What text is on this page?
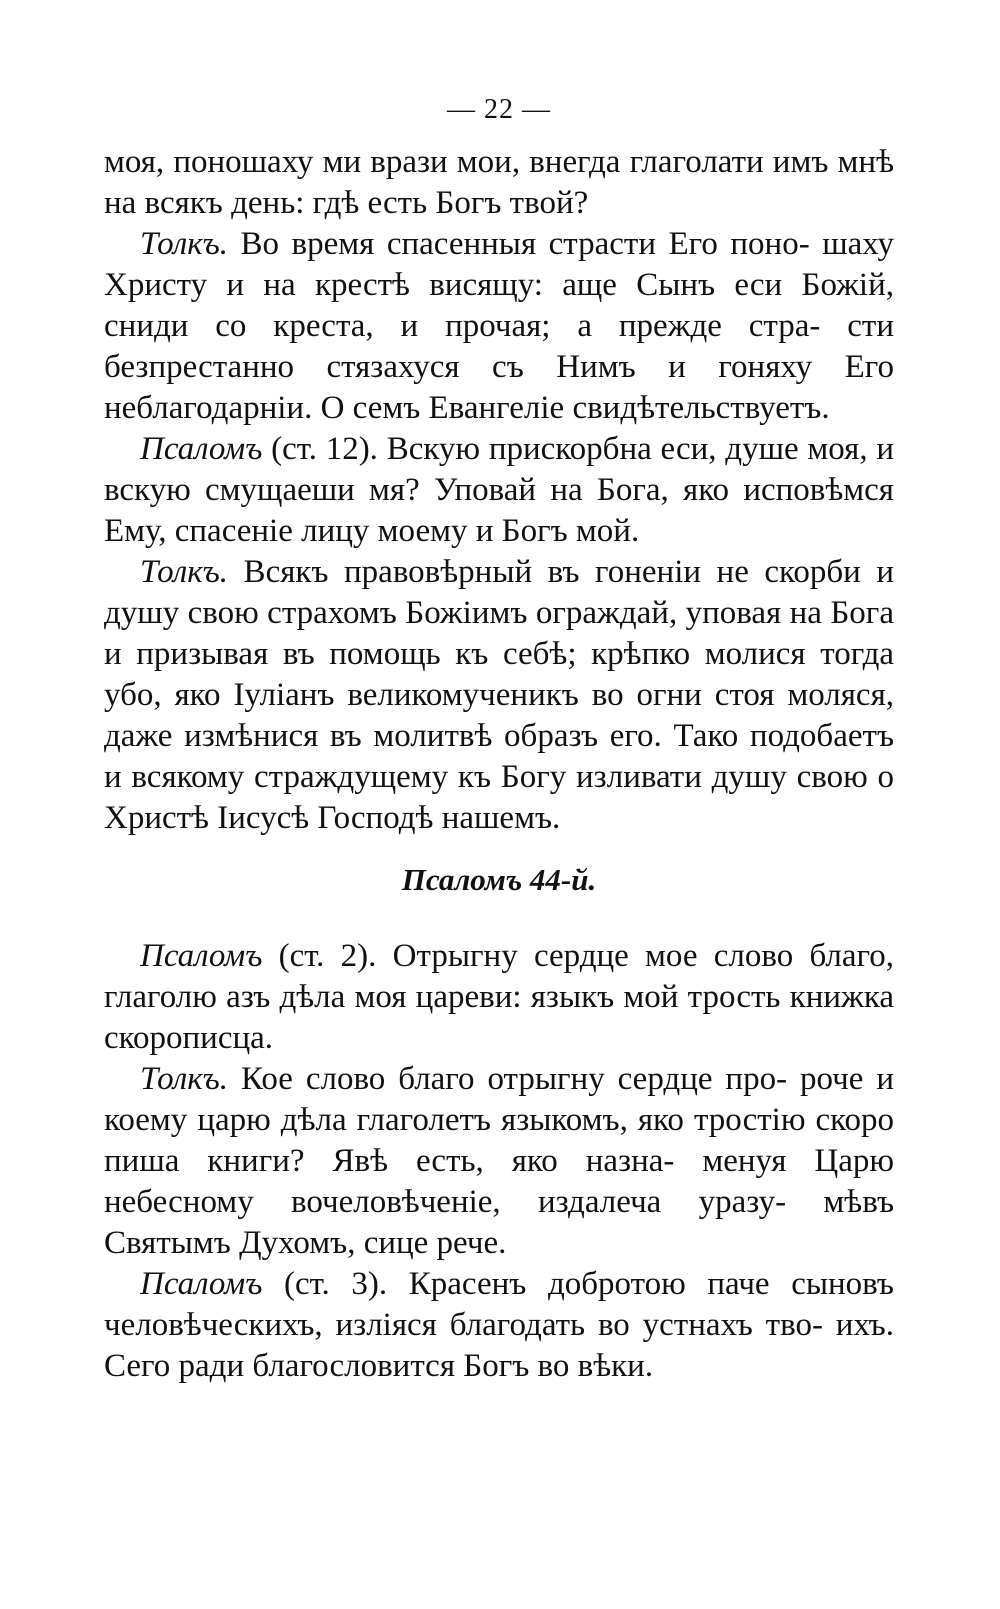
— 22 —

моя, поношаху ми врази мои, внегда глаголати имъ мнѣ на всякъ день: гдѣ есть Богъ твой?

Толкъ. Во время спасенныя страсти Его поно- шаху Христу и на крестѣ висящу: аще Сынъ еси Божій, сниди со креста, и прочая; а прежде стра- сти безпрестанно стязахуся съ Нимъ и гоняху Его неблагодарніи. О семъ Евангеліе свидѣтельствуетъ.

Псаломъ (ст. 12). Вскую прискорбна еси, душе моя, и вскую смущаеши мя? Уповай на Бога, яко исповѣмся Ему, спасеніе лицу моему и Богъ мой.

Толкъ. Всякъ правовѣрный въ гоненіи не скорби и душу свою страхомъ Божіимъ ограждай, уповая на Бога и призывая въ помощь къ себѣ; крѣпко молися тогда убо, яко Іуліанъ великомученикъ во огни стоя моляся, даже измѣнися въ молитвѣ образъ его. Тако подобаетъ и всякому страждущему къ Богу изливати душу свою о Христѣ Іисусѣ Господѣ нашемъ.

Псаломъ 44-й.

Псаломъ (ст. 2). Отрыгну сердце мое слово благо, глаголю азъ дѣла моя цареви: языкъ мой трость книжка скорописца.

Толкъ. Кое слово благо отрыгну сердце про- роче и коему царю дѣла глаголетъ языкомъ, яко тростію скоро пиша книги? Явѣ есть, яко назна- менуя Царю небесному вочеловѣченіе, издалеча уразу- мѣвъ Святымъ Духомъ, сице рече.

Псаломъ (ст. 3). Красенъ добротою паче сыновъ человѣческихъ, изліяся благодать во устнахъ тво- ихъ. Сего ради благословится Богъ во вѣки.
